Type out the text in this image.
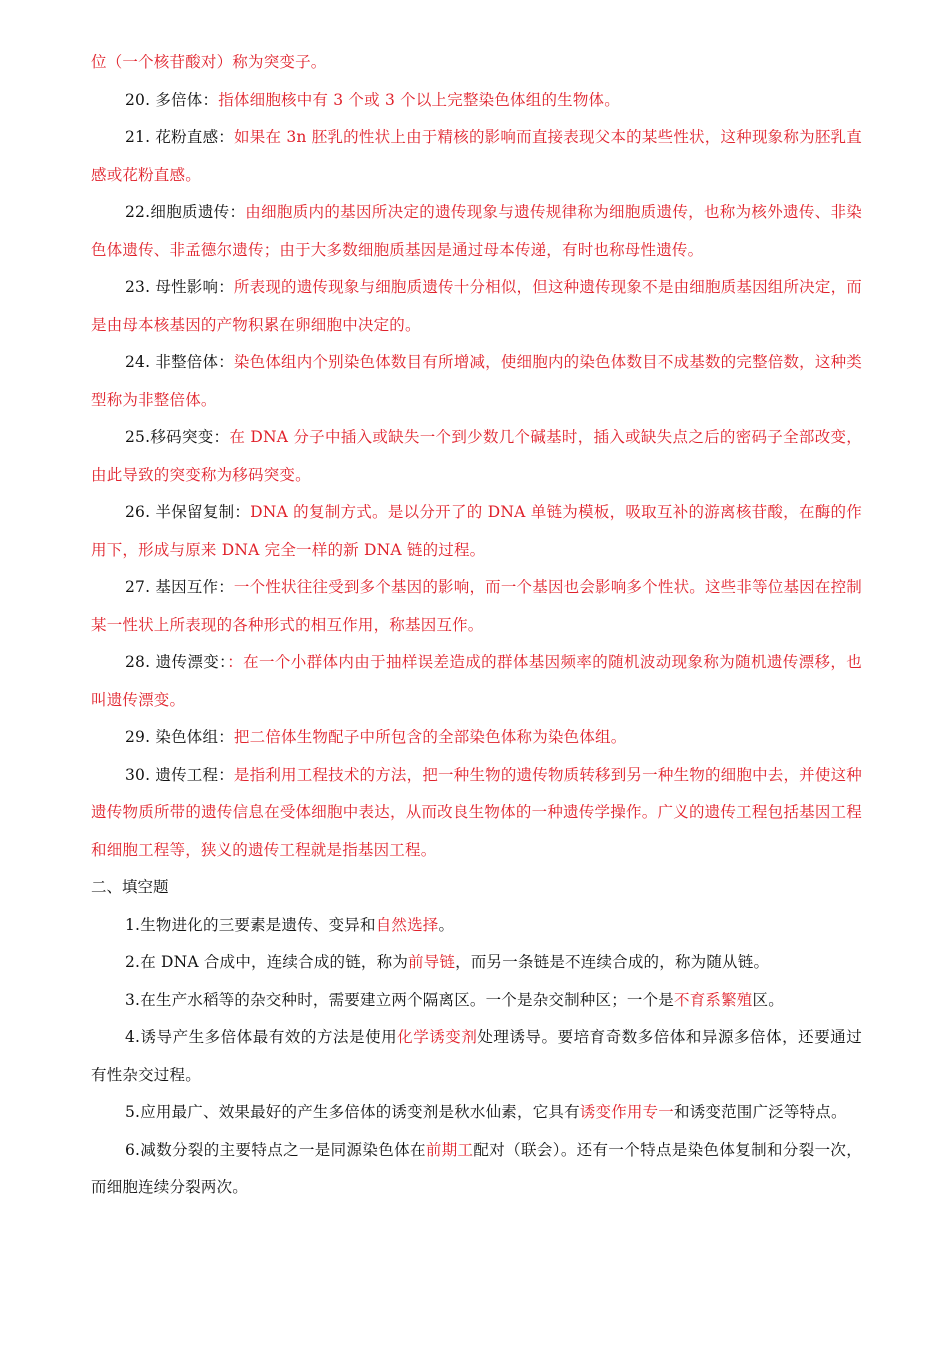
位（一个核苷酸对）称为突变子。

20. 多倍体：指体细胞核中有 3 个或 3 个以上完整染色体组的生物体。

21. 花粉直感：如果在 3n 胚乳的性状上由于精核的影响而直接表现父本的某些性状，这种现象称为胚乳直感或花粉直感。

22.细胞质遗传：由细胞质内的基因所决定的遗传现象与遗传规律称为细胞质遗传，也称为核外遗传、非染色体遗传、非孟德尔遗传；由于大多数细胞质基因是通过母本传递，有时也称母性遗传。

23. 母性影响：所表现的遗传现象与细胞质遗传十分相似，但这种遗传现象不是由细胞质基因组所决定，而是由母本核基因的产物积累在卵细胞中决定的。

24. 非整倍体：染色体组内个别染色体数目有所增减，使细胞内的染色体数目不成基数的完整倍数，这种类型称为非整倍体。

25.移码突变：在 DNA 分子中插入或缺失一个到少数几个碱基时，插入或缺失点之后的密码子全部改变，由此导致的突变称为移码突变。

26. 半保留复制：DNA 的复制方式。是以分开了的 DNA 单链为模板，吸取互补的游离核苷酸，在酶的作用下，形成与原来 DNA 完全一样的新 DNA 链的过程。

27. 基因互作：一个性状往往受到多个基因的影响，而一个基因也会影响多个性状。这些非等位基因在控制某一性状上所表现的各种形式的相互作用，称基因互作。

28. 遗传漂变：：在一个小群体内由于抽样误差造成的群体基因频率的随机波动现象称为随机遗传漂移，也叫遗传漂变。

29. 染色体组：把二倍体生物配子中所包含的全部染色体称为染色体组。

30. 遗传工程：是指利用工程技术的方法，把一种生物的遗传物质转移到另一种生物的细胞中去，并使这种遗传物质所带的遗传信息在受体细胞中表达，从而改良生物体的一种遗传学操作。广义的遗传工程包括基因工程和细胞工程等，狭义的遗传工程就是指基因工程。

二、填空题

1.生物进化的三要素是遗传、变异和自然选择。

2.在 DNA 合成中，连续合成的链，称为前导链，而另一条链是不连续合成的，称为随从链。

3.在生产水稻等的杂交种时，需要建立两个隔离区。一个是杂交制种区；一个是不育系繁殖区。

4.诱导产生多倍体最有效的方法是使用化学诱变剂处理诱导。要培育奇数多倍体和异源多倍体，还要通过有性杂交过程。

5.应用最广、效果最好的产生多倍体的诱变剂是秋水仙素，它具有诱变作用专一和诱变范围广泛等特点。

6.减数分裂的主要特点之一是同源染色体在前期工配对（联会）。还有一个特点是染色体复制和分裂一次，而细胞连续分裂两次。
